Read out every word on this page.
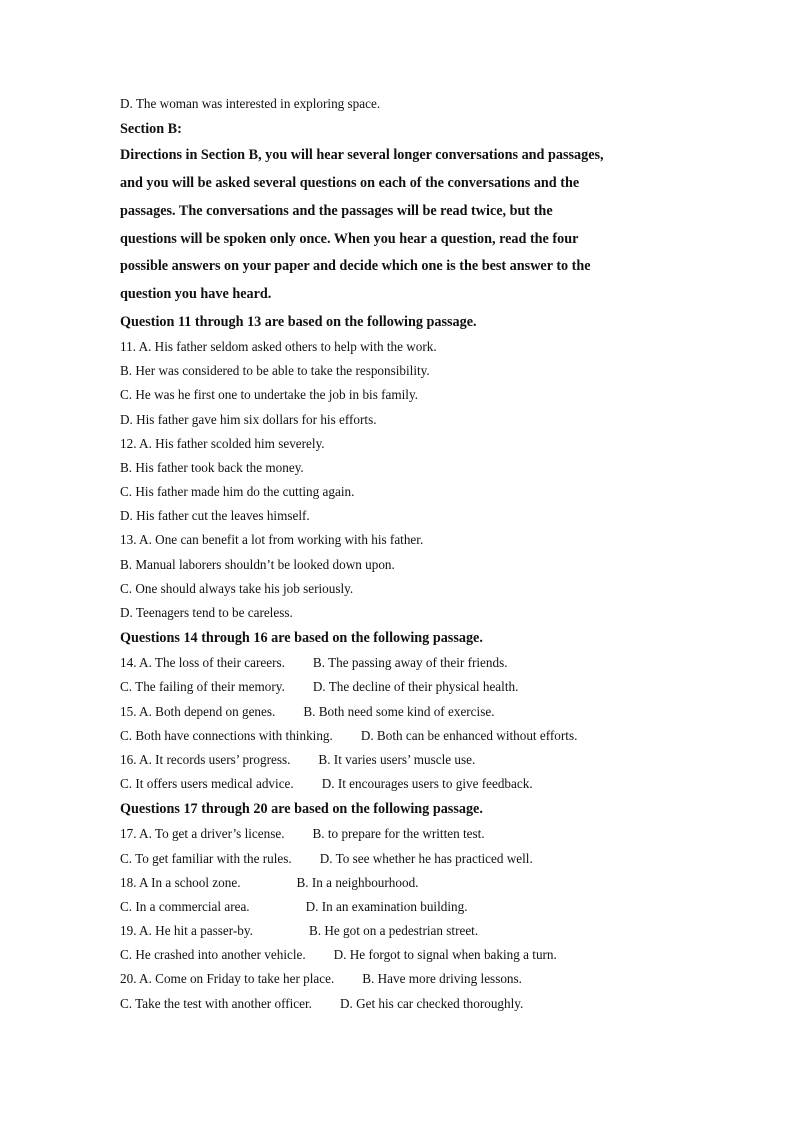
D. The woman was interested in exploring space.
Section B:
Directions in Section B, you will hear several longer conversations and passages,
and you will be asked several questions on each of the conversations and the
passages. The conversations and the passages will be read twice, but the
questions will be spoken only once. When you hear a question, read the four
possible answers on your paper and decide which one is the best answer to the
question you have heard.
Question 11 through 13 are based on the following passage.
11. A. His father seldom asked others to help with the work.
B. Her was considered to be able to take the responsibility.
C. He was he first one to undertake the job in bis family.
D. His father gave him six dollars for his efforts.
12. A. His father scolded him severely.
B. His father took back the money.
C. His father made him do the cutting again.
D. His father cut the leaves himself.
13. A. One can benefit a lot from working with his father.
B. Manual laborers shouldn’t be looked down upon.
C. One should always take his job seriously.
D. Teenagers tend to be careless.
Questions 14 through 16 are based on the following passage.
14. A. The loss of their careers. B. The passing away of their friends.
C. The failing of their memory. D. The decline of their physical health.
15. A. Both depend on genes. B. Both need some kind of exercise.
C. Both have connections with thinking. D. Both can be enhanced without efforts.
16. A. It records users’ progress. B. It varies users’ muscle use.
C. It offers users medical advice. D. It encourages users to give feedback.
Questions 17 through 20 are based on the following passage.
17. A. To get a driver’s license. B. to prepare for the written test.
C. To get familiar with the rules. D. To see whether he has practiced well.
18. A In a school zone.	B. In a neighbourhood.
C. In a commercial area.	D. In an examination building.
19. A. He hit a passer-by.	B. He got on a pedestrian street.
C. He crashed into another vehicle. D. He forgot to signal when baking a turn.
20. A. Come on Friday to take her place. B. Have more driving lessons.
C. Take the test with another officer. D. Get his car checked thoroughly.
